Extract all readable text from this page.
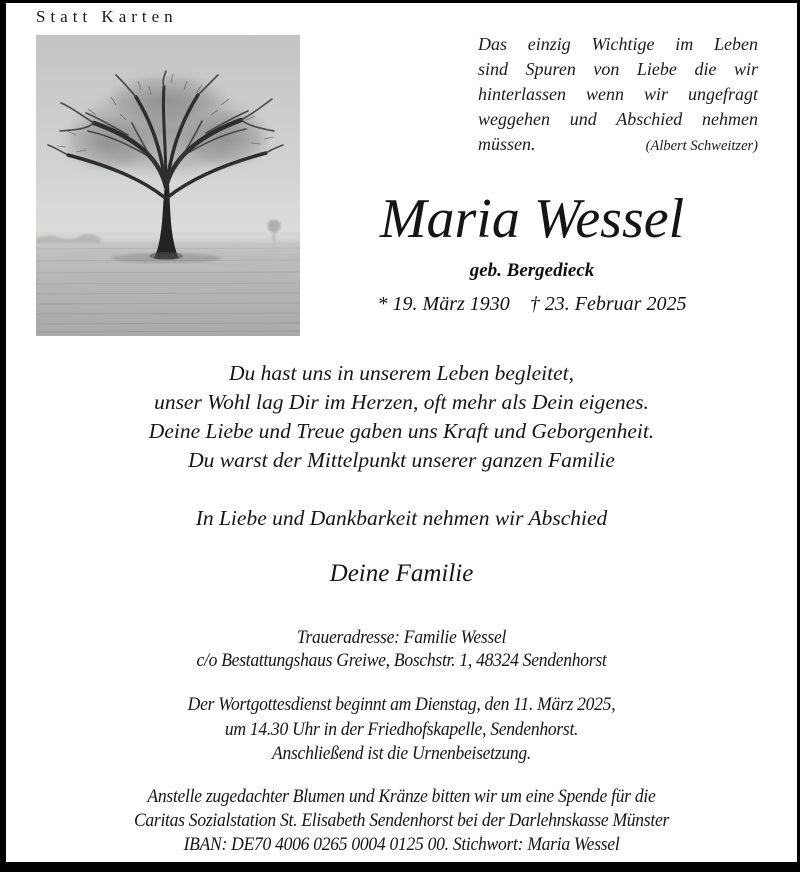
Statt Karten
Das einzig Wichtige im Leben
sind Spuren von Liebe die wir
hinterlassen wenn wir ungefragt
weggehen und Abschied nehmen
müssen.	(Albert Schweitzer)
Maria Wessel
geb. Bergedieck
* 19. März 1930 † 23. Februar 2025
Du hast uns in unserem Leben begleitet,
unser Wohl lag Dir im Herzen, oft mehr als Dein eigenes.
Deine Liebe und Treue gaben uns Kraft und Geborgenheit.
Du warst der Mittelpunkt unserer ganzen Familie
In Liebe und Dankbarkeit nehmen wir Abschied
Deine Familie
Traueradresse: Familie Wessel
c/o Bestattungshaus Greiwe, Boschstr. 1, 48324 Sendenhorst
Der Wortgottesdienst beginnt am Dienstag, den 11. März 2025,
um 14.30 Uhr in der Friedhofskapelle, Sendenhorst.
Anschließend ist die Urnenbeisetzung.
Anstelle zugedachter Blumen und Kränze bitten wir um eine Spende für die
Caritas Sozialstation St. Elisabeth Sendenhorst bei der Darlehnskasse Münster
IBAN: DE70 4006 0265 0004 0125 00. Stichwort: Maria Wessel
